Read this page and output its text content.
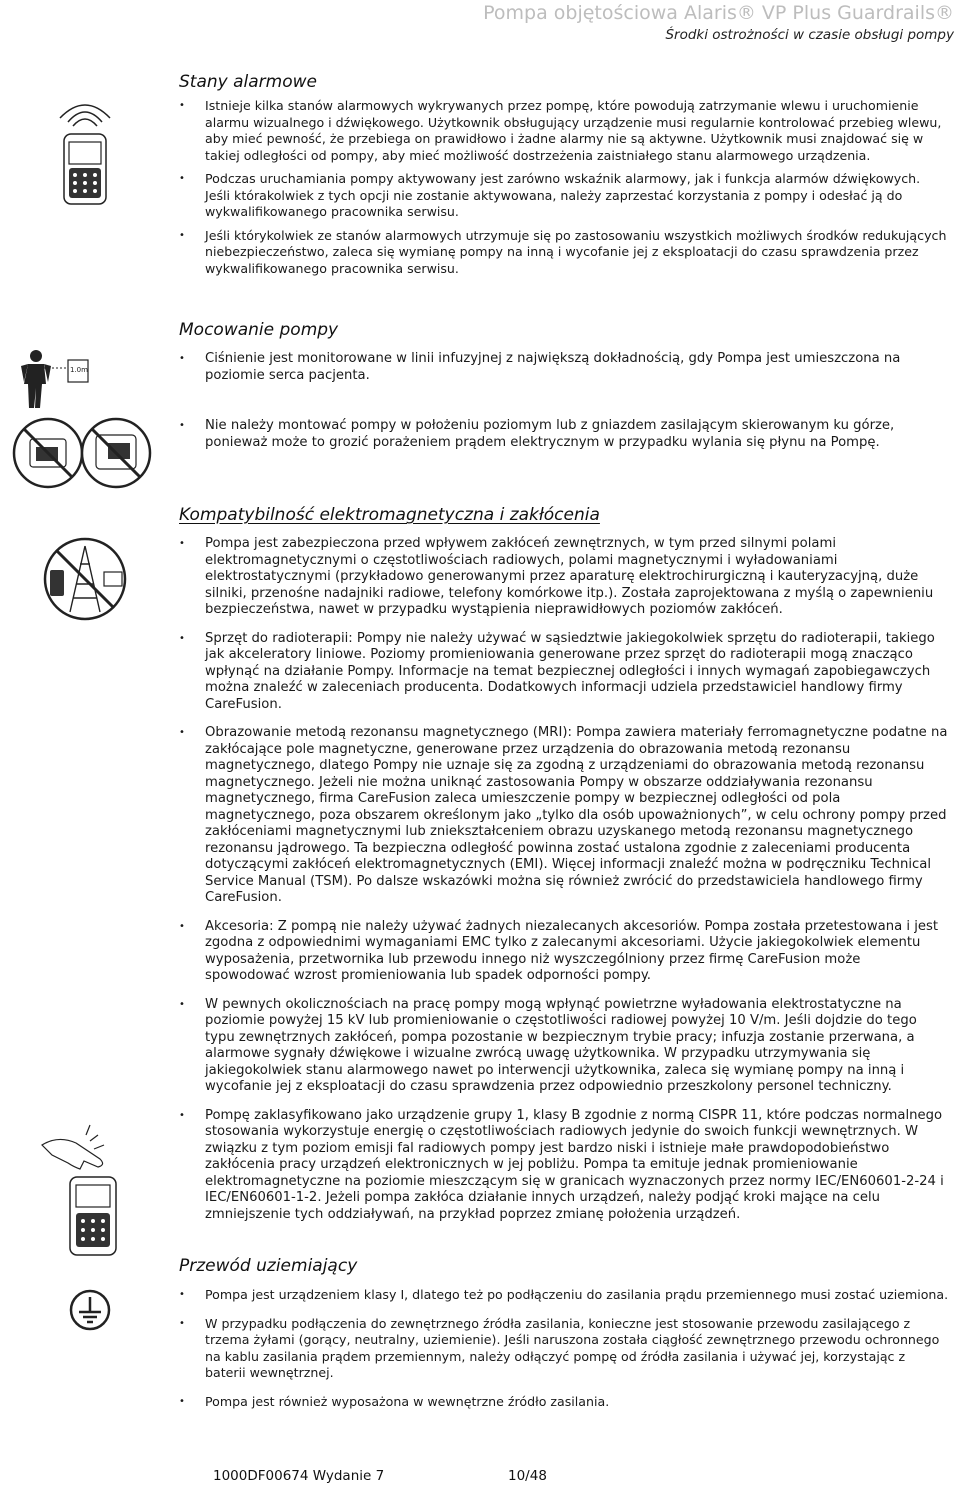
Pompa objętościowa Alaris® VP Plus Guardrails®
Środki ostrożności w czasie obsługi pompy
Stany alarmowe
• Istnieje kilka stanów alarmowych wykrywanych przez pompę, które powodują zatrzymanie wlewu i uruchomienie alarmu wizualnego i dźwiękowego. Użytkownik obsługujący urządzenie musi regularnie kontrolować przebieg wlewu, aby mieć pewność, że przebiega on prawidłowo i żadne alarmy nie są aktywne. Użytkownik musi znajdować się w takiej odległości od pompy, aby mieć możliwość dostrzeżenia zaistniałego stanu alarmowego urządzenia.
• Podczas uruchamiania pompy aktywowany jest zarówno wskaźnik alarmowy, jak i funkcja alarmów dźwiękowych. Jeśli którakolwiek z tych opcji nie zostanie aktywowana, należy zaprzestać korzystania z pompy i odesłać ją do wykwalifikowanego pracownika serwisu.
• Jeśli którykolwiek ze stanów alarmowych utrzymuje się po zastosowaniu wszystkich możliwych środków redukujących niebezpieczeństwo, zaleca się wymianę pompy na inną i wycofanie jej z eksploatacji do czasu sprawdzenia przez wykwalifikowanego pracownika serwisu.
1.0m
Mocowanie pompy
• Ciśnienie jest monitorowane w linii infuzyjnej z największą dokładnością, gdy Pompa jest umieszczona na poziomie serca pacjenta.
• Nie należy montować pompy w położeniu poziomym lub z gniazdem zasilającym skierowanym ku górze, ponieważ może to grozić porażeniem prądem elektrycznym w przypadku wylania się płynu na Pompę.
Kompatybilność elektromagnetyczna i zakłócenia
• Pompa jest zabezpieczona przed wpływem zakłóceń zewnętrznych, w tym przed silnymi polami elektromagnetycznymi o częstotliwościach radiowych, polami magnetycznymi i wyładowaniami elektrostatycznymi (przykładowo generowanymi przez aparaturę elektrochirurgiczną i kauteryzacyjną, duże silniki, przenośne nadajniki radiowe, telefony komórkowe itp.). Została zaprojektowana z myślą o zapewnieniu bezpieczeństwa, nawet w przypadku wystąpienia nieprawidłowych poziomów zakłóceń.
• Sprzęt do radioterapii: Pompy nie należy używać w sąsiedztwie jakiegokolwiek sprzętu do radioterapii, takiego jak akceleratory liniowe. Poziomy promieniowania generowane przez sprzęt do radioterapii mogą znacząco wpłynąć na działanie Pompy. Informacje na temat bezpiecznej odległości i innych wymagań zapobiegawczych można znaleźć w zaleceniach producenta. Dodatkowych informacji udziela przedstawiciel handlowy firmy CareFusion.
• Obrazowanie metodą rezonansu magnetycznego (MRI): Pompa zawiera materiały ferromagnetyczne podatne na zakłócające pole magnetyczne, generowane przez urządzenia do obrazowania metodą rezonansu magnetycznego, dlatego Pompy nie uznaje się za zgodną z urządzeniami do obrazowania metodą rezonansu magnetycznego. Jeżeli nie można uniknąć zastosowania Pompy w obszarze oddziaływania rezonansu magnetycznego, firma CareFusion zaleca umieszczenie pompy w bezpiecznej odległości od pola magnetycznego, poza obszarem określonym jako „tylko dla osób upoważnionych”, w celu ochrony pompy przed zakłóceniami magnetycznymi lub zniekształceniem obrazu uzyskanego metodą rezonansu magnetycznego rezonansu jądrowego. Ta bezpieczna odległość powinna zostać ustalona zgodnie z zaleceniami producenta dotyczącymi zakłóceń elektromagnetycznych (EMI). Więcej informacji znaleźć można w podręczniku Technical Service Manual (TSM). Po dalsze wskazówki można się również zwrócić do przedstawiciela handlowego firmy CareFusion.
• Akcesoria: Z pompą nie należy używać żadnych niezalecanych akcesoriów. Pompa została przetestowana i jest zgodna z odpowiednimi wymaganiami EMC tylko z zalecanymi akcesoriami. Użycie jakiegokolwiek elementu wyposażenia, przetwornika lub przewodu innego niż wyszczególniony przez firmę CareFusion może spowodować wzrost promieniowania lub spadek odporności pompy.
• W pewnych okolicznościach na pracę pompy mogą wpłynąć powietrzne wyładowania elektrostatyczne na poziomie powyżej 15 kV lub promieniowanie o częstotliwości radiowej powyżej 10 V/m. Jeśli dojdzie do tego typu zewnętrznych zakłóceń, pompa pozostanie w bezpiecznym trybie pracy; infuzja zostanie przerwana, a alarmowe sygnały dźwiękowe i wizualne zwrócą uwagę użytkownika. W przypadku utrzymywania się jakiegokolwiek stanu alarmowego nawet po interwencji użytkownika, zaleca się wymianę pompy na inną i wycofanie jej z eksploatacji do czasu sprawdzenia przez odpowiednio przeszkolony personel techniczny.
• Pompę zaklasyfikowano jako urządzenie grupy 1, klasy B zgodnie z normą CISPR 11, które podczas normalnego stosowania wykorzystuje energię o częstotliwościach radiowych jedynie do swoich funkcji wewnętrznych. W związku z tym poziom emisji fal radiowych pompy jest bardzo niski i istnieje małe prawdopodobieństwo zakłócenia pracy urządzeń elektronicznych w jej pobliżu. Pompa ta emituje jednak promieniowanie elektromagnetyczne na poziomie mieszczącym się w granicach wyznaczonych przez normy IEC/EN60601-2-24 i IEC/EN60601-1-2. Jeżeli pompa zakłóca działanie innych urządzeń, należy podjąć kroki mające na celu zmniejszenie tych oddziaływań, na przykład poprzez zmianę położenia urządzeń.
Przewód uziemiający
• Pompa jest urządzeniem klasy I, dlatego też po podłączeniu do zasilania prądu przemiennego musi zostać uziemiona.
• W przypadku podłączenia do zewnętrznego źródła zasilania, konieczne jest stosowanie przewodu zasilającego z trzema żyłami (gorący, neutralny, uziemienie). Jeśli naruszona została ciągłość zewnętrznego przewodu ochronnego na kablu zasilania prądem przemiennym, należy odłączyć pompę od źródła zasilania i używać jej, korzystając z baterii wewnętrznej.
• Pompa jest również wyposażona w wewnętrzne źródło zasilania.
1000DF00674 Wydanie 7	10/48
